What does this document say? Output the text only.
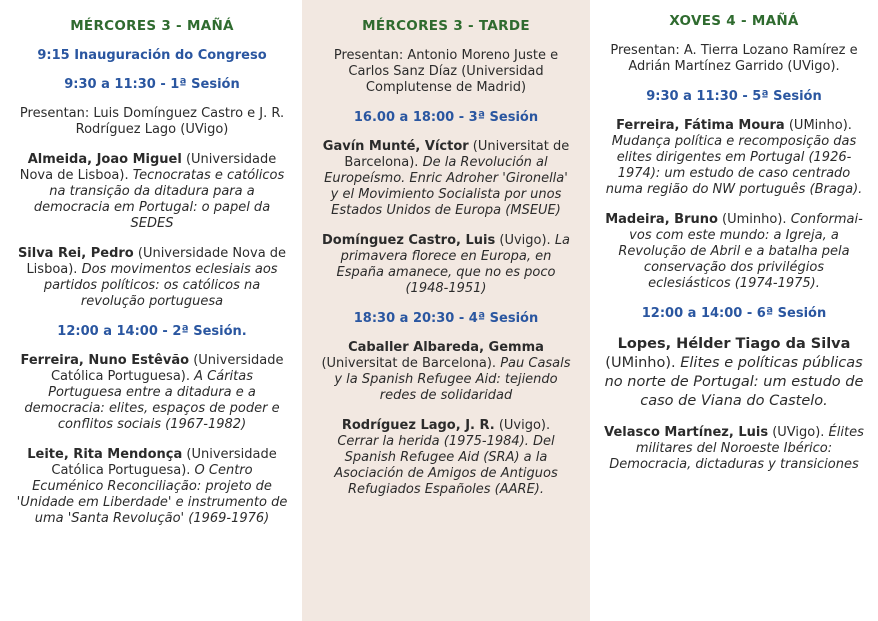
MÉRCORES 3 - MAÑÁ
9:15 Inauguración do Congreso
9:30 a 11:30 - 1ª Sesión
Presentan: Luis Domínguez Castro e J. R. Rodríguez Lago (UVigo)
Almeida, Joao Miguel (Universidade Nova de Lisboa). Tecnocratas e católicos na transição da ditadura para a democracia em Portugal: o papel da SEDES
Silva Rei, Pedro (Universidade Nova de Lisboa). Dos movimentos eclesiais aos partidos políticos: os católicos na revolução portuguesa
12:00 a 14:00 - 2ª Sesión.
Ferreira, Nuno Estêvão (Universidade Católica Portuguesa). A Cáritas Portuguesa entre a ditadura e a democracia: elites, espaços de poder e conflitos sociais (1967-1982)
Leite, Rita Mendonça (Universidade Católica Portuguesa). O Centro Ecuménico Reconciliação: projeto de 'Unidade em Liberdade' e instrumento de uma 'Santa Revolução' (1969-1976)
MÉRCORES 3 - TARDE
Presentan: Antonio Moreno Juste e Carlos Sanz Díaz (Universidad Complutense de Madrid)
16.00 a 18:00 - 3ª Sesión
Gavín Munté, Víctor (Universitat de Barcelona). De la Revolución al Europeísmo. Enric Adroher 'Gironella' y el Movimiento Socialista por unos Estados Unidos de Europa (MSEUE)
Domínguez Castro, Luis (Uvigo). La primavera florece en Europa, en España amanece, que no es poco (1948-1951)
18:30 a 20:30 - 4ª Sesión
Caballer Albareda, Gemma (Universitat de Barcelona). Pau Casals y la Spanish Refugee Aid: tejiendo redes de solidaridad
Rodríguez Lago, J. R. (Uvigo). Cerrar la herida (1975-1984). Del Spanish Refugee Aid (SRA) a la Asociación de Amigos de Antiguos Refugiados Españoles (AARE).
XOVES 4 - MAÑÁ
Presentan: A. Tierra Lozano Ramírez e Adrián Martínez Garrido (UVigo).
9:30 a 11:30 - 5ª Sesión
Ferreira, Fátima Moura (UMinho). Mudança política e recomposição das elites dirigentes em Portugal (1926-1974): um estudo de caso centrado numa região do NW português (Braga).
Madeira, Bruno (Uminho). Conformai-vos com este mundo: a Igreja, a Revolução de Abril e a batalha pela conservação dos privilégios eclesiásticos (1974-1975).
12:00 a 14:00 - 6ª Sesión
Lopes, Hélder Tiago da Silva (UMinho). Elites e políticas públicas no norte de Portugal: um estudo de caso de Viana do Castelo.
Velasco Martínez, Luis (UVigo). Élites militares del Noroeste Ibérico: Democracia, dictaduras y transiciones
